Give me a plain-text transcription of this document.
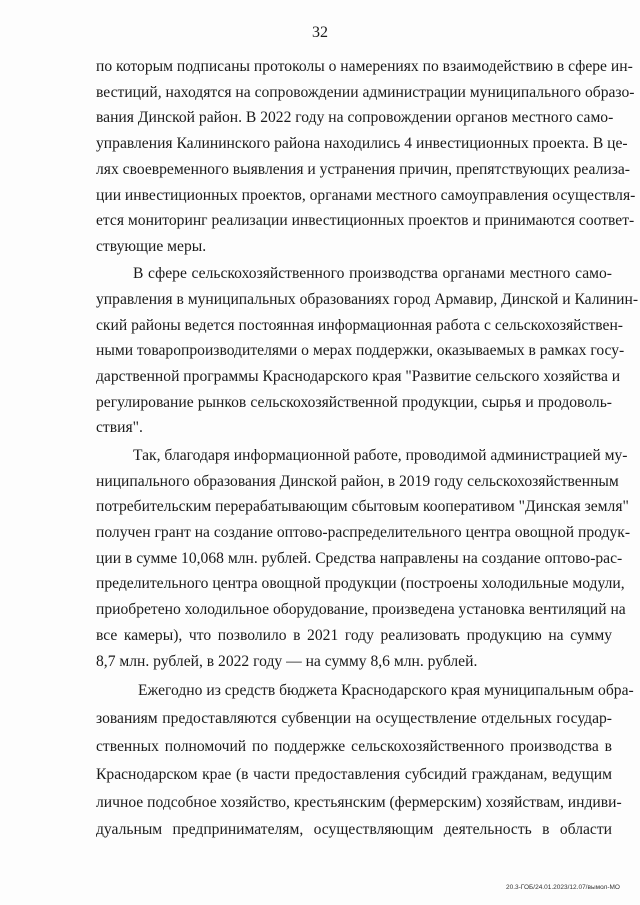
32
по которым подписаны протоколы о намерениях по взаимодействию в сфере ин-
вестиций, находятся на сопровождении администрации муниципального образо-
вания Динской район. В 2022 году на сопровождении органов местного само-
управления Калининского района находились 4 инвестиционных проекта. В це-
лях своевременного выявления и устранения причин, препятствующих реализа-
ции инвестиционных проектов, органами местного самоуправления осуществля-
ется мониторинг реализации инвестиционных проектов и принимаются соответ-
ствующие меры.
В сфере сельскохозяйственного производства органами местного само-
управления в муниципальных образованиях город Армавир, Динской и Калинин-
ский районы ведется постоянная информационная работа с сельскохозяйствен-
ными товаропроизводителями о мерах поддержки, оказываемых в рамках госу-
дарственной программы Краснодарского края "Развитие сельского хозяйства и
регулирование рынков сельскохозяйственной продукции, сырья и продоволь-
ствия".
Так, благодаря информационной работе, проводимой администрацией му-
ниципального образования Динской район, в 2019 году сельскохозяйственным
потребительским перерабатывающим сбытовым кооперативом "Динская земля"
получен грант на создание оптово-распределительного центра овощной продук-
ции в сумме 10,068 млн. рублей. Средства направлены на создание оптово-рас-
пределительного центра овощной продукции (построены холодильные модули,
приобретено холодильное оборудование, произведена установка вентиляций на
все камеры), что позволило в 2021 году реализовать продукцию на сумму
8,7 млн. рублей, в 2022 году — на сумму 8,6 млн. рублей.
Ежегодно из средств бюджета Краснодарского края муниципальным обра-
зованиям предоставляются субвенции на осуществление отдельных государ-
ственных полномочий по поддержке сельскохозяйственного производства в
Краснодарском крае (в части предоставления субсидий гражданам, ведущим
личное подсобное хозяйство, крестьянским (фермерским) хозяйствам, индиви-
дуальным предпринимателям, осуществляющим деятельность в области
20.3-ГОБ/24.01.2023/12.07/вымол-МО
